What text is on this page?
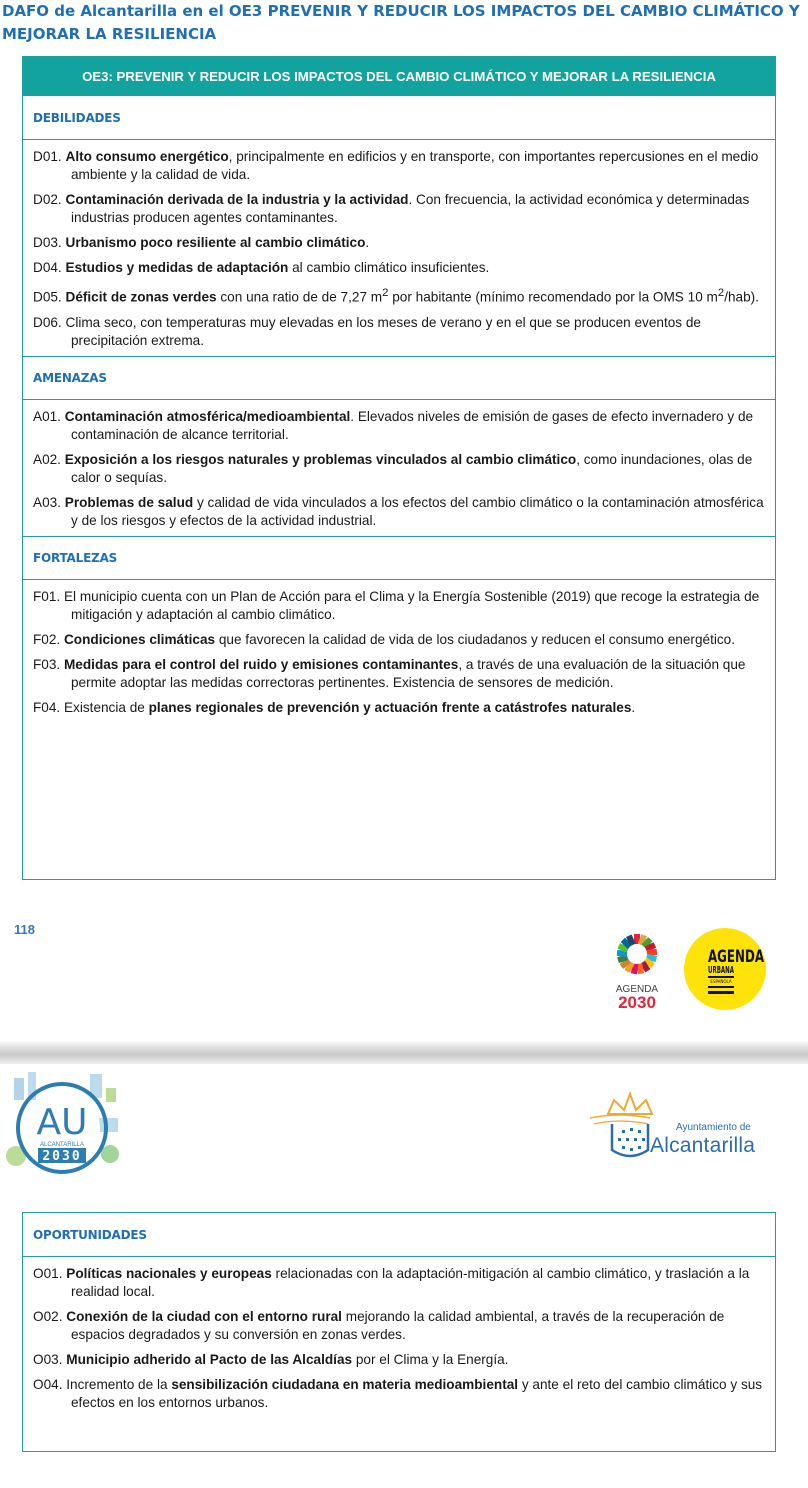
DAFO de Alcantarilla en el OE3 PREVENIR Y REDUCIR LOS IMPACTOS DEL CAMBIO CLIMÁTICO Y MEJORAR LA RESILIENCIA
OE3: PREVENIR Y REDUCIR LOS IMPACTOS DEL CAMBIO CLIMÁTICO Y MEJORAR LA RESILIENCIA
DEBILIDADES
D01. Alto consumo energético, principalmente en edificios y en transporte, con importantes repercusiones en el medio ambiente y la calidad de vida.
D02. Contaminación derivada de la industria y la actividad. Con frecuencia, la actividad económica y determinadas industrias producen agentes contaminantes.
D03. Urbanismo poco resiliente al cambio climático.
D04. Estudios y medidas de adaptación al cambio climático insuficientes.
D05. Déficit de zonas verdes con una ratio de de 7,27 $m^2$ por habitante (mínimo recomendado por la OMS 10 $m^2/hab$).
D06. Clima seco, con temperaturas muy elevadas en los meses de verano y en el que se producen eventos de precipitación extrema.
AMENAZAS
A01. Contaminación atmosférica/medioambiental. Elevados niveles de emisión de gases de efecto invernadero y de contaminación de alcance territorial.
A02. Exposición a los riesgos naturales y problemas vinculados al cambio climático, como inundaciones, olas de calor o sequías.
A03. Problemas de salud y calidad de vida vinculados a los efectos del cambio climático o la contaminación atmosférica y de los riesgos y efectos de la actividad industrial.
FORTALEZAS
F01. El municipio cuenta con un Plan de Acción para el Clima y la Energía Sostenible (2019) que recoge la estrategia de mitigación y adaptación al cambio climático.
F02. Condiciones climáticas que favorecen la calidad de vida de los ciudadanos y reducen el consumo energético.
F03. Medidas para el control del ruido y emisiones contaminantes, a través de una evaluación de la situación que permite adoptar las medidas correctoras pertinentes. Existencia de sensores de medición.
F04. Existencia de planes regionales de prevención y actuación frente a catástrofes naturales.
118
AGENDA
2030
AGENDA
URBANA
ESPAÑOLA
AU
ALCANTARILLA
2030
Ayuntamiento de
Alcantarilla
OPORTUNIDADES
O01. Políticas nacionales y europeas relacionadas con la adaptación-mitigación al cambio climático, y traslación a la realidad local.
O02. Conexión de la ciudad con el entorno rural mejorando la calidad ambiental, a través de la recuperación de espacios degradados y su conversión en zonas verdes.
O03. Municipio adherido al Pacto de las Alcaldías por el Clima y la Energía.
O04. Incremento de la sensibilización ciudadana en materia medioambiental y ante el reto del cambio climático y sus efectos en los entornos urbanos.
